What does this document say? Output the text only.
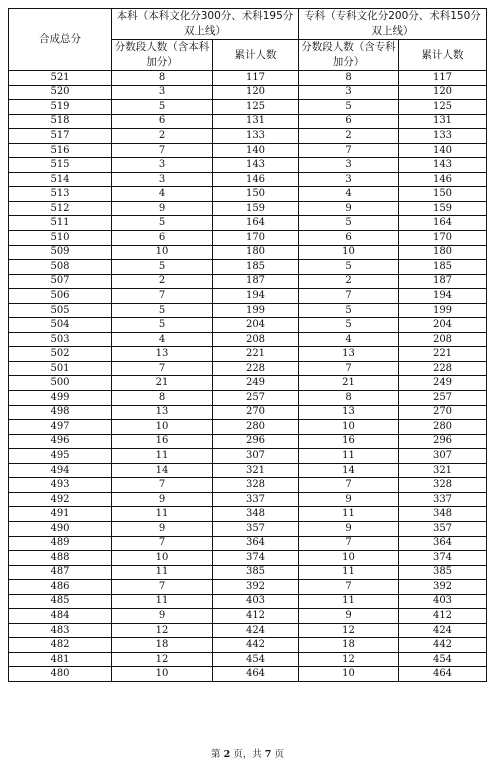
合成总分	本科（本科文化分300分、术科195分双上线）		专科（专科文化分200分、术科150分双上线）	
	分数段人数（含本科加分）	累计人数	分数段人数（含专科加分）	累计人数
521	8	117	8	117
520	3	120	3	120
519	5	125	5	125
518	6	131	6	131
517	2	133	2	133
516	7	140	7	140
515	3	143	3	143
514	3	146	3	146
513	4	150	4	150
512	9	159	9	159
511	5	164	5	164
510	6	170	6	170
509	10	180	10	180
508	5	185	5	185
507	2	187	2	187
506	7	194	7	194
505	5	199	5	199
504	5	204	5	204
503	4	208	4	208
502	13	221	13	221
501	7	228	7	228
500	21	249	21	249
499	8	257	8	257
498	13	270	13	270
497	10	280	10	280
496	16	296	16	296
495	11	307	11	307
494	14	321	14	321
493	7	328	7	328
492	9	337	9	337
491	11	348	11	348
490	9	357	9	357
489	7	364	7	364
488	10	374	10	374
487	11	385	11	385
486	7	392	7	392
485	11	403	11	403
484	9	412	9	412
483	12	424	12	424
482	18	442	18	442
481	12	454	12	454
480	10	464	10	464
第 2 页，共 7 页
